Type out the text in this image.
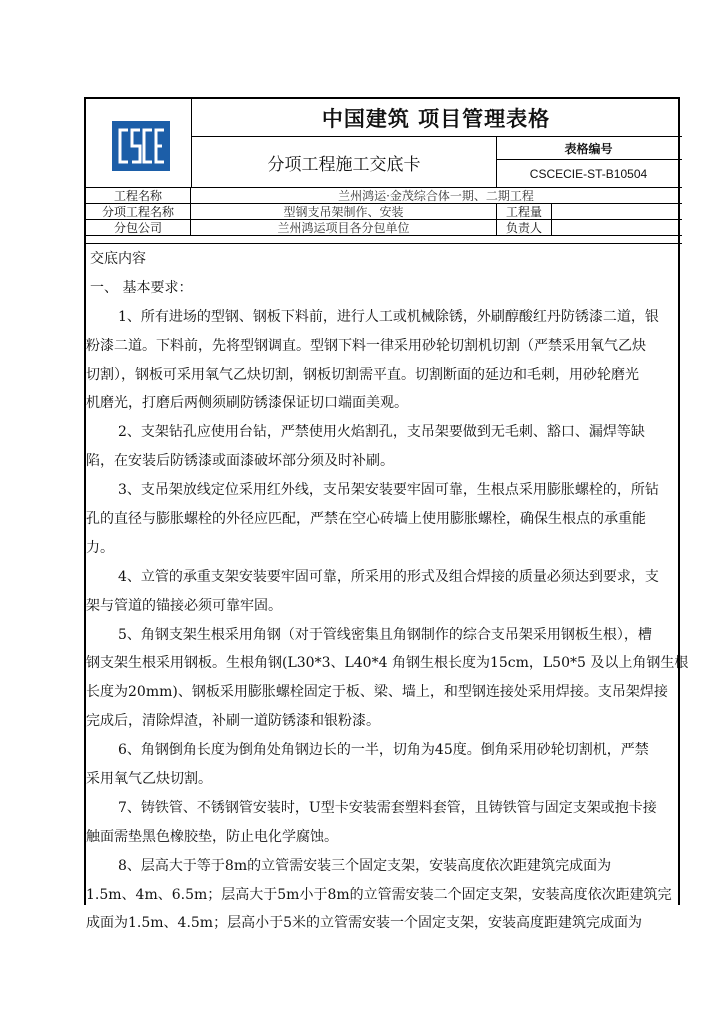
中国建筑 项目管理表格
分项工程施工交底卡
表格编号
CSCECIE-ST-B10504
工程名称	兰州鸿运·金茂综合体一期、二期工程
分项工程名称	型钢支吊架制作、安装	工程量
分包公司	兰州鸿运项目各分包单位	负责人

交底内容

一、 基本要求：

1、所有进场的型钢、钢板下料前，进行人工或机械除锈，外刷醇酸红丹防锈漆二道，银

粉漆二道。下料前，先将型钢调直。型钢下料一律采用砂轮切割机切割（严禁采用氧气乙炔

切割），钢板可采用氧气乙炔切割，钢板切割需平直。切割断面的延边和毛刺，用砂轮磨光

机磨光，打磨后两侧须刷防锈漆保证切口端面美观。

2、支架钻孔应使用台钻，严禁使用火焰割孔，支吊架要做到无毛刺、豁口、漏焊等缺

陷，在安装后防锈漆或面漆破坏部分须及时补刷。

3、支吊架放线定位采用红外线，支吊架安装要牢固可靠，生根点采用膨胀螺栓的，所钻

孔的直径与膨胀螺栓的外径应匹配，严禁在空心砖墙上使用膨胀螺栓，确保生根点的承重能

力。

4、立管的承重支架安装要牢固可靠，所采用的形式及组合焊接的质量必须达到要求，支

架与管道的锚接必须可靠牢固。

5、角钢支架生根采用角钢（对于管线密集且角钢制作的综合支吊架采用钢板生根），槽

钢支架生根采用钢板。生根角钢(L30*3、L40*4 角钢生根长度为15cm，L50*5 及以上角钢生根

长度为20mm)、钢板采用膨胀螺栓固定于板、梁、墙上，和型钢连接处采用焊接。支吊架焊接

完成后，清除焊渣，补刷一道防锈漆和银粉漆。

6、角钢倒角长度为倒角处角钢边长的一半，切角为45度。倒角采用砂轮切割机，严禁

采用氧气乙炔切割。

7、铸铁管、不锈钢管安装时，U型卡安装需套塑料套管，且铸铁管与固定支架或抱卡接

触面需垫黑色橡胶垫，防止电化学腐蚀。

8、层高大于等于8m的立管需安装三个固定支架，安装高度依次距建筑完成面为

1.5m、4m、6.5m；层高大于5m小于8m的立管需安装二个固定支架，安装高度依次距建筑完

成面为1.5m、4.5m；层高小于5米的立管需安装一个固定支架，安装高度距建筑完成面为
